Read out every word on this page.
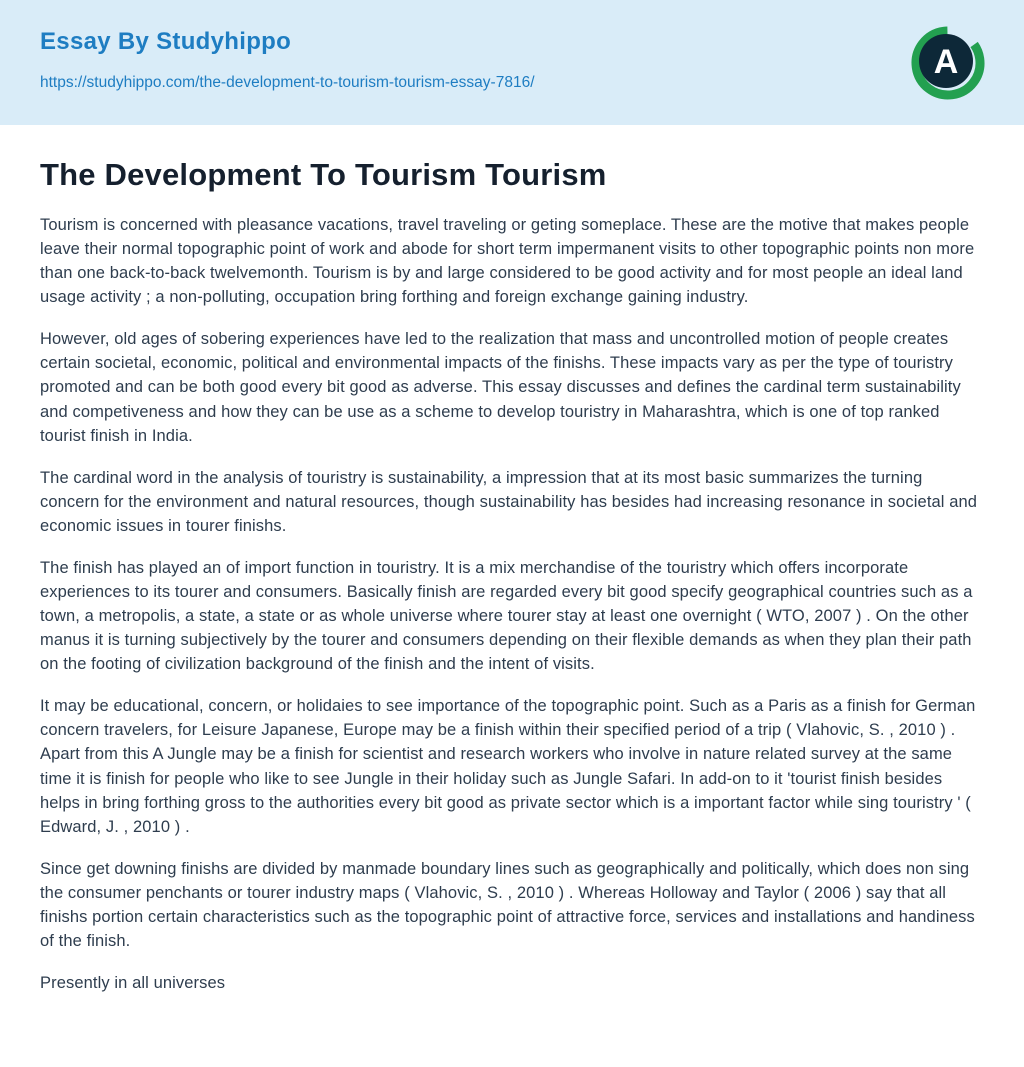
Essay By Studyhippo
https://studyhippo.com/the-development-to-tourism-tourism-essay-7816/
A
The Development To Tourism Tourism

Tourism is concerned with pleasance vacations, travel traveling or geting someplace. These are the motive that makes people leave their normal topographic point of work and abode for short term impermanent visits to other topographic points non more than one back-to-back twelvemonth. Tourism is by and large considered to be good activity and for most people an ideal land usage activity ; a non-polluting, occupation bring forthing and foreign exchange gaining industry.

However, old ages of sobering experiences have led to the realization that mass and uncontrolled motion of people creates certain societal, economic, political and environmental impacts of the finishs. These impacts vary as per the type of touristry promoted and can be both good every bit good as adverse. This essay discusses and defines the cardinal term sustainability and competiveness and how they can be use as a scheme to develop touristry in Maharashtra, which is one of top ranked tourist finish in India.

The cardinal word in the analysis of touristry is sustainability, a impression that at its most basic summarizes the turning concern for the environment and natural resources, though sustainability has besides had increasing resonance in societal and economic issues in tourer finishs.

The finish has played an of import function in touristry. It is a mix merchandise of the touristry which offers incorporate experiences to its tourer and consumers. Basically finish are regarded every bit good specify geographical countries such as a town, a metropolis, a state, a state or as whole universe where tourer stay at least one overnight ( WTO, 2007 ) . On the other manus it is turning subjectively by the tourer and consumers depending on their flexible demands as when they plan their path on the footing of civilization background of the finish and the intent of visits.

It may be educational, concern, or holidaies to see importance of the topographic point. Such as a Paris as a finish for German concern travelers, for Leisure Japanese, Europe may be a finish within their specified period of a trip ( Vlahovic, S. , 2010 ) . Apart from this A Jungle may be a finish for scientist and research workers who involve in nature related survey at the same time it is finish for people who like to see Jungle in their holiday such as Jungle Safari. In add-on to it 'tourist finish besides helps in bring forthing gross to the authorities every bit good as private sector which is a important factor while sing touristry ' ( Edward, J. , 2010 ) .

Since get downing finishs are divided by manmade boundary lines such as geographically and politically, which does non sing the consumer penchants or tourer industry maps ( Vlahovic, S. , 2010 ) . Whereas Holloway and Taylor ( 2006 ) say that all finishs portion certain characteristics such as the topographic point of attractive force, services and installations and handiness of the finish.

Presently in all universes
